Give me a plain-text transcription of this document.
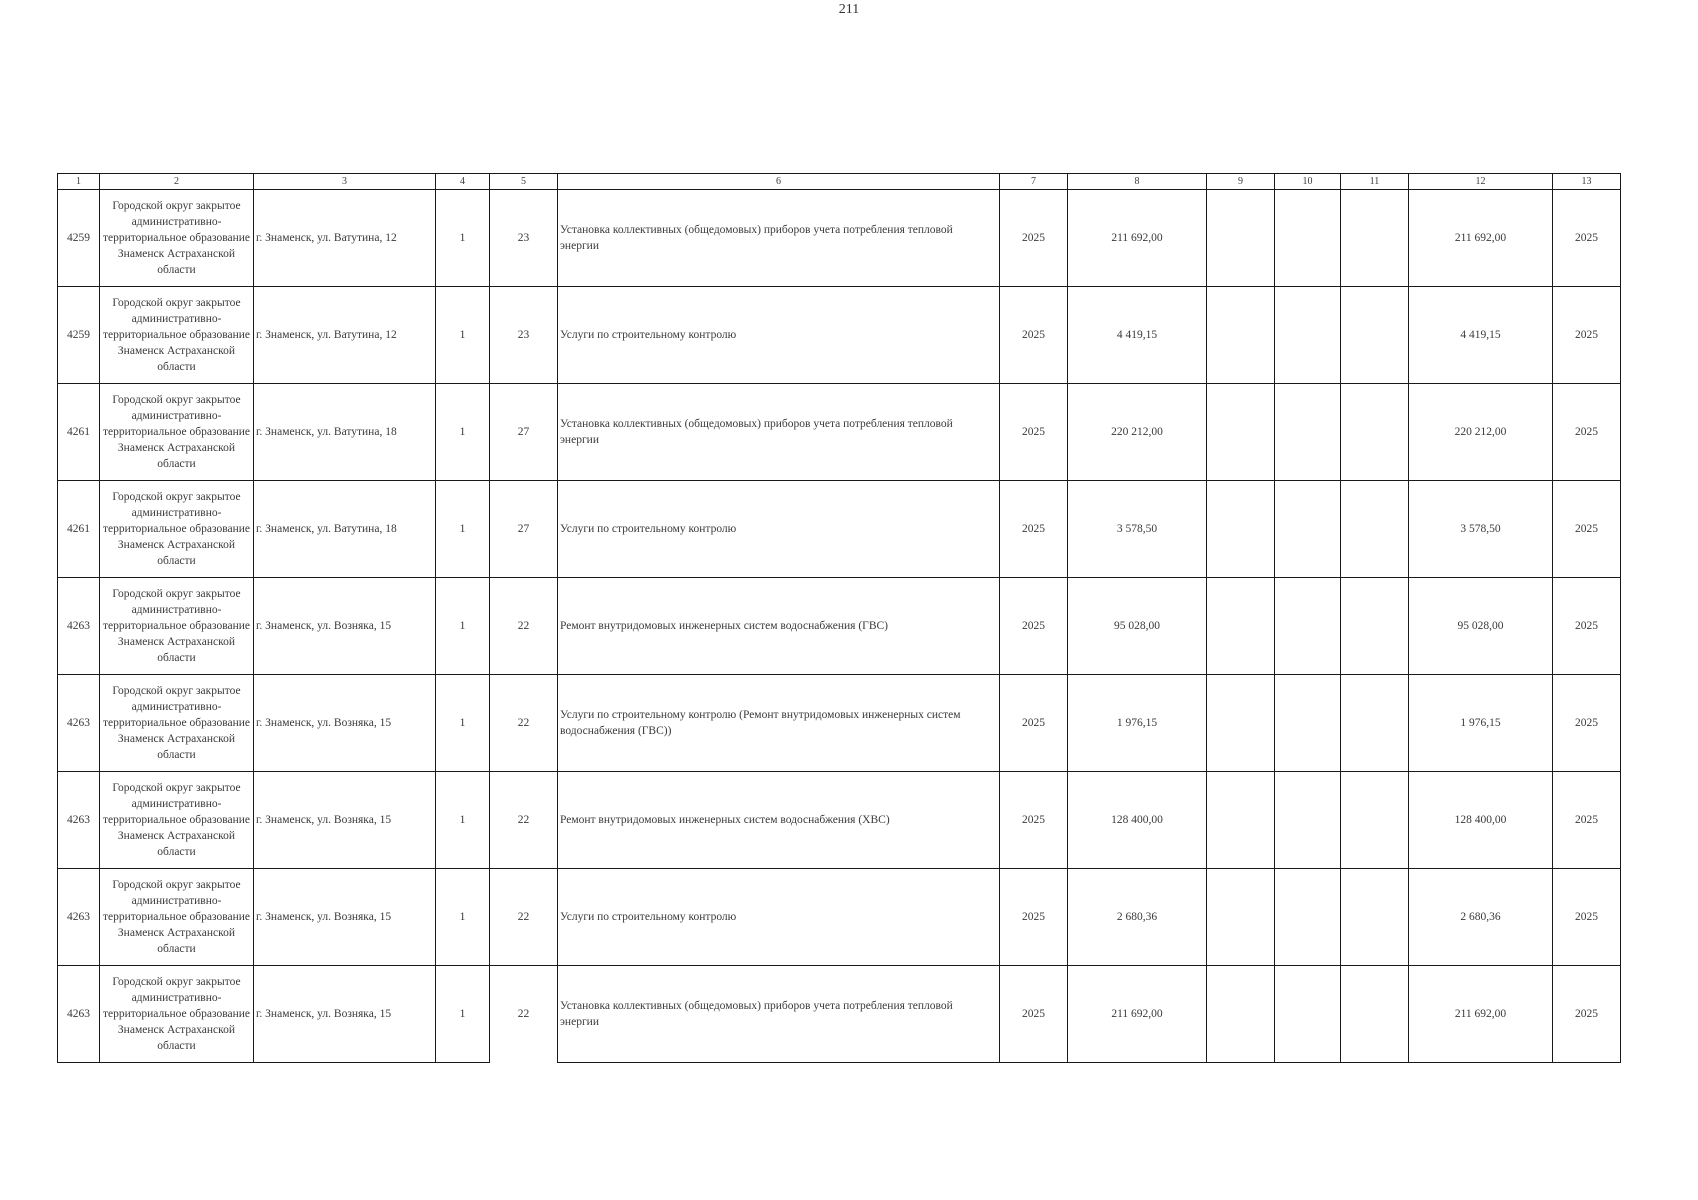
211
1	2	3	4	5	6	7	8	9	10	11	12	13
4259	Городской округ закрытое административно-территориальное образование Знаменск Астраханской области	г. Знаменск, ул. Ватутина, 12	1	23	Установка коллективных (общедомовых) приборов учета потребления тепловой энергии	2025	211 692,00				211 692,00	2025
4259	Городской округ закрытое административно-территориальное образование Знаменск Астраханской области	г. Знаменск, ул. Ватутина, 12	1	23	Услуги по строительному контролю	2025	4 419,15				4 419,15	2025
4261	Городской округ закрытое административно-территориальное образование Знаменск Астраханской области	г. Знаменск, ул. Ватутина, 18	1	27	Установка коллективных (общедомовых) приборов учета потребления тепловой энергии	2025	220 212,00				220 212,00	2025
4261	Городской округ закрытое административно-территориальное образование Знаменск Астраханской области	г. Знаменск, ул. Ватутина, 18	1	27	Услуги по строительному контролю	2025	3 578,50				3 578,50	2025
4263	Городской округ закрытое административно-территориальное образование Знаменск Астраханской области	г. Знаменск, ул. Возняка, 15	1	22	Ремонт внутридомовых инженерных систем водоснабжения (ГВС)	2025	95 028,00				95 028,00	2025
4263	Городской округ закрытое административно-территориальное образование Знаменск Астраханской области	г. Знаменск, ул. Возняка, 15	1	22	Услуги по строительному контролю (Ремонт внутридомовых инженерных систем водоснабжения (ГВС))	2025	1 976,15				1 976,15	2025
4263	Городской округ закрытое административно-территориальное образование Знаменск Астраханской области	г. Знаменск, ул. Возняка, 15	1	22	Ремонт внутридомовых инженерных систем водоснабжения (ХВС)	2025	128 400,00				128 400,00	2025
4263	Городской округ закрытое административно-территориальное образование Знаменск Астраханской области	г. Знаменск, ул. Возняка, 15	1	22	Услуги по строительному контролю	2025	2 680,36				2 680,36	2025
4263	Городской округ закрытое административно-территориальное образование Знаменск Астраханской области	г. Знаменск, ул. Возняка, 15	1	22	Установка коллективных (общедомовых) приборов учета потребления тепловой энергии	2025	211 692,00				211 692,00	2025
